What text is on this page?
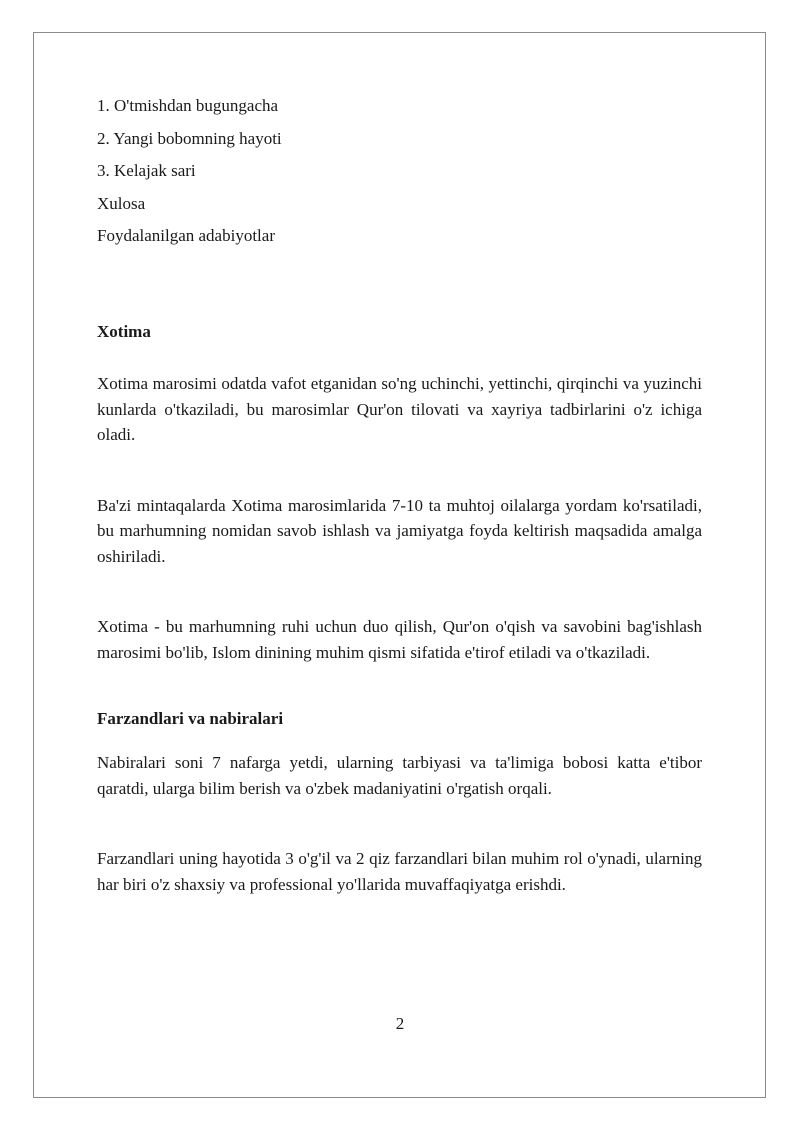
1. O'tmishdan bugungacha
2. Yangi bobomning hayoti
3. Kelajak sari
Xulosa
Foydalanilgan adabiyotlar
Xotima

Xotima marosimi odatda vafot etganidan so'ng uchinchi, yettinchi, qirqinchi va yuzinchi kunlarda o'tkaziladi, bu marosimlar Qur'on tilovati va xayriya tadbirlarini o'z ichiga oladi.

Ba'zi mintaqalarda Xotima marosimlarida 7-10 ta muhtoj oilalarga yordam ko'rsatiladi, bu marhumning nomidan savob ishlash va jamiyatga foyda keltirish maqsadida amalga oshiriladi.

Xotima - bu marhumning ruhi uchun duo qilish, Qur'on o'qish va savobini bag'ishlash marosimi bo'lib, Islom dinining muhim qismi sifatida e'tirof etiladi va o'tkaziladi.

Farzandlari va nabiralari

Nabiralari soni 7 nafarga yetdi, ularning tarbiyasi va ta'limiga bobosi katta e'tibor qaratdi, ularga bilim berish va o'zbek madaniyatini o'rgatish orqali.

Farzandlari uning hayotida 3 o'g'il va 2 qiz farzandlari bilan muhim rol o'ynadi, ularning har biri o'z shaxsiy va professional yo'llarida muvaffaqiyatga erishdi.

2
